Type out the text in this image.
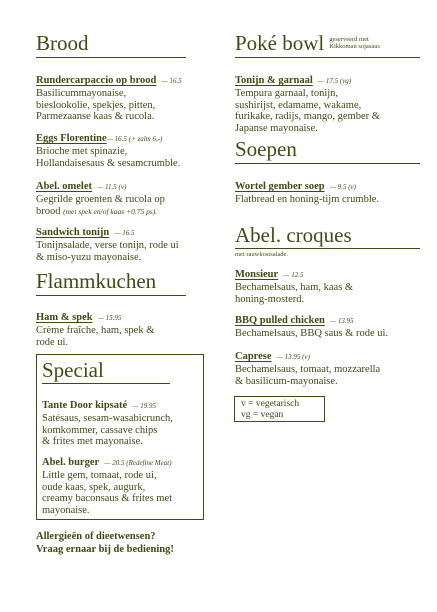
Brood
Rundercarpaccio op brood — 16.5
Basilicummayonaise,
bieslookolie, spekjes, pitten,
Parmezaanse kaas & rucola.
Eggs Florentine— 16.5 (+ zalm 6,-)
Brioche met spinazie,
Hollandaisesaus & sesamcrumble.
Abel. omelet — 11.5 (v)
Gegrilde groenten & rucola op
brood (met spek en/of kaas +0.75 ps).
Sandwich tonijn — 16.5
Tonijnsalade, verse tonijn, rode ui
& miso-yuzu mayonaise.
Flammkuchen
Ham & spek — 15.95
Crème fraîche, ham, spek &
rode ui.
Special
Tante Door kipsaté — 19.95
Satésaus, sesam-wasabicrunch,
komkommer, cassave chips
& frites met mayonaise.
Abel. burger — 20.5 (Redefine Meat)
Little gem, tomaat, rode ui,
oude kaas, spek, augurk,
creamy baconsaus & frites met
mayonaise.
Allergieën of dieetwensen?
Vraag ernaar bij de bediening!
Poké bowl geserveerd met
Kikkoman sojasaus
Tonijn & garnaal — 17.5 (vg)
Tempura garnaal, tonijn,
sushirijst, edamame, wakame,
furikake, radijs, mango, gember &
Japanse mayonaise.
Soepen
Wortel gember soep — 9.5 (v)
Flatbread en honing-tijm crumble.
Abel. croques
met rauwkostsalade.
Monsieur — 12.5
Bechamelsaus, ham, kaas &
honing-mosterd.
BBQ pulled chicken — 13.95
Bechamelsaus, BBQ saus & rode ui.
Caprese — 13.95 (v)
Bechamelsaus, tomaat, mozzarella
& basilicum-mayonaise.
v = vegetarisch
vg = vegan
